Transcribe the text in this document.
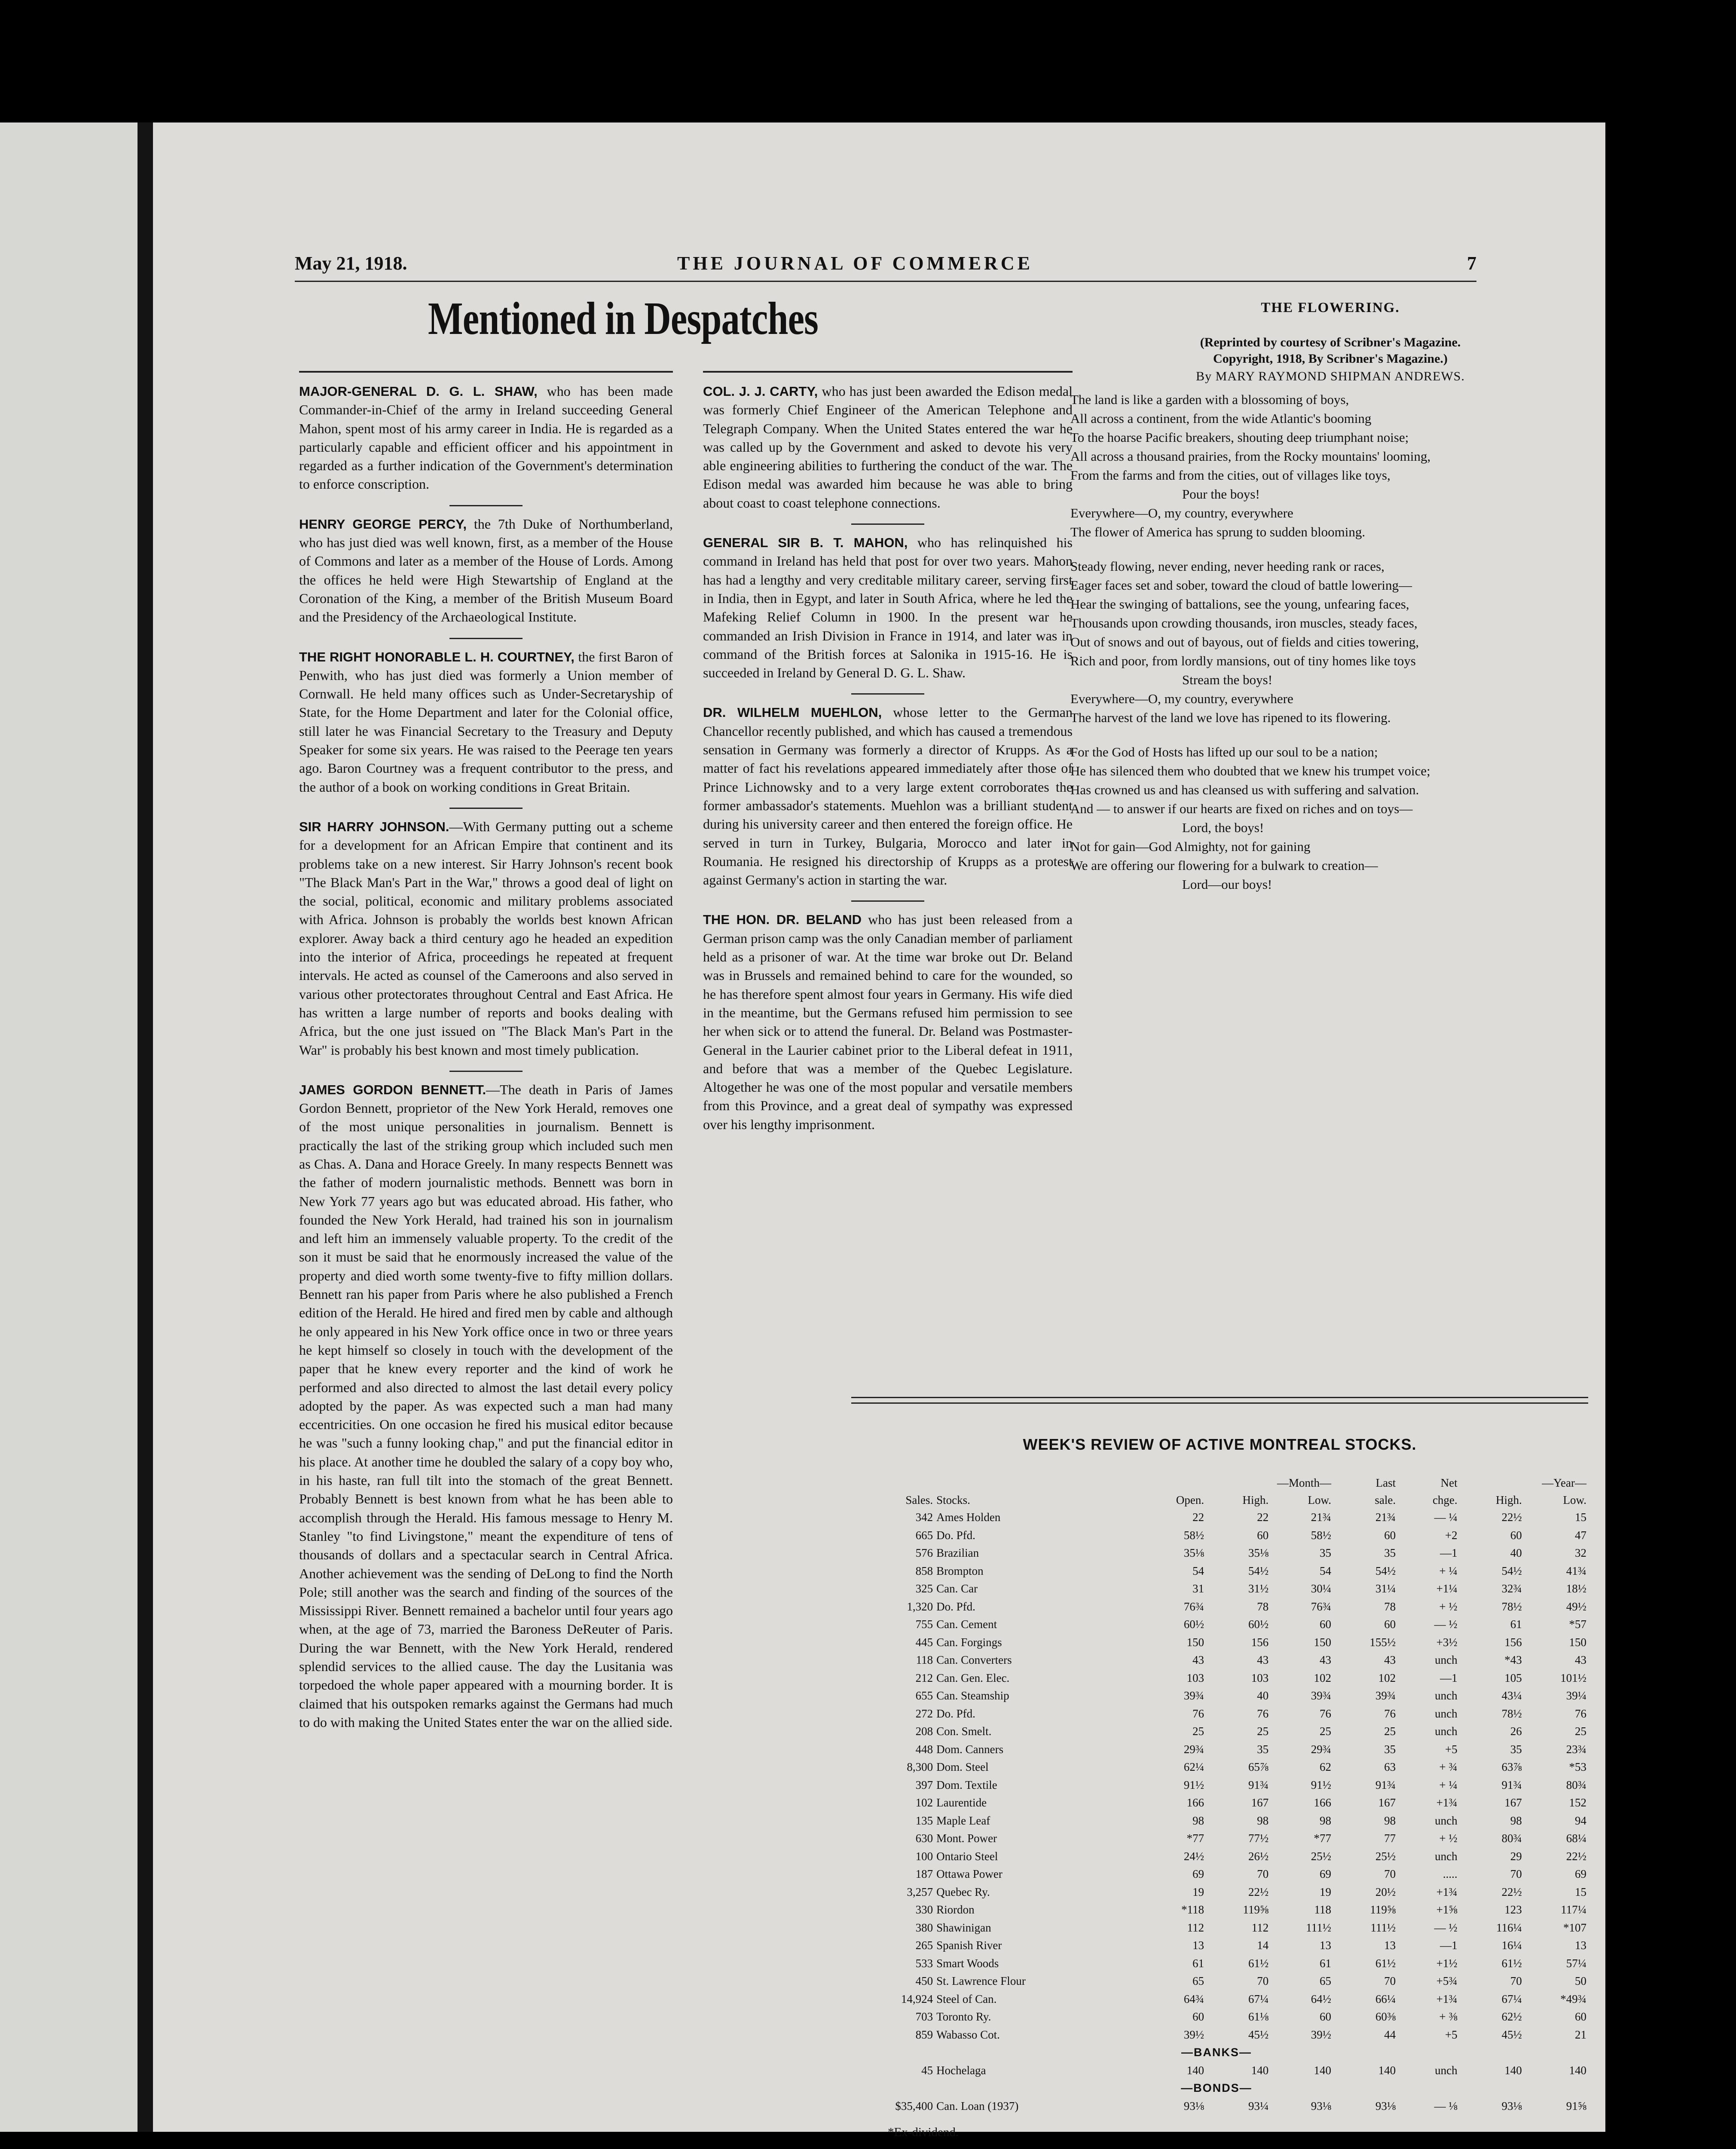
May 21, 1918.	THE JOURNAL OF COMMERCE	7
Mentioned in Despatches

MAJOR-GENERAL D. G. L. SHAW, who has been made Commander-in-Chief of the army in Ireland succeeding General Mahon, spent most of his army career in India. He is regarded as a particularly capable and efficient officer and his appointment in regarded as a further indication of the Government's determination to enforce conscription.

HENRY GEORGE PERCY, the 7th Duke of Northumberland, who has just died was well known, first, as a member of the House of Commons and later as a member of the House of Lords. Among the offices he held were High Stewartship of England at the Coronation of the King, a member of the British Museum Board and the Presidency of the Archaeological Institute.

THE RIGHT HONORABLE L. H. COURTNEY, the first Baron of Penwith, who has just died was formerly a Union member of Cornwall. He held many offices such as Under-Secretaryship of State, for the Home Department and later for the Colonial office, still later he was Financial Secretary to the Treasury and Deputy Speaker for some six years. He was raised to the Peerage ten years ago. Baron Courtney was a frequent contributor to the press, and the author of a book on working conditions in Great Britain.

SIR HARRY JOHNSON.—With Germany putting out a scheme for a development for an African Empire that continent and its problems take on a new interest. Sir Harry Johnson's recent book "The Black Man's Part in the War," throws a good deal of light on the social, political, economic and military problems associated with Africa. Johnson is probably the worlds best known African explorer. Away back a third century ago he headed an expedition into the interior of Africa, proceedings he repeated at frequent intervals. He acted as counsel of the Cameroons and also served in various other protectorates throughout Central and East Africa. He has written a large number of reports and books dealing with Africa, but the one just issued on "The Black Man's Part in the War" is probably his best known and most timely publication.

JAMES GORDON BENNETT.—The death in Paris of James Gordon Bennett, proprietor of the New York Herald, removes one of the most unique personalities in journalism. Bennett is practically the last of the striking group which included such men as Chas. A. Dana and Horace Greely. In many respects Bennett was the father of modern journalistic methods. Bennett was born in New York 77 years ago but was educated abroad. His father, who founded the New York Herald, had trained his son in journalism and left him an immensely valuable property. To the credit of the son it must be said that he enormously increased the value of the property and died worth some twenty-five to fifty million dollars. Bennett ran his paper from Paris where he also published a French edition of the Herald. He hired and fired men by cable and although he only appeared in his New York office once in two or three years he kept himself so closely in touch with the development of the paper that he knew every reporter and the kind of work he performed and also directed to almost the last detail every policy adopted by the paper. As was expected such a man had many eccentricities. On one occasion he fired his musical editor because he was "such a funny looking chap," and put the financial editor in his place. At another time he doubled the salary of a copy boy who, in his haste, ran full tilt into the stomach of the great Bennett. Probably Bennett is best known from what he has been able to accomplish through the Herald. His famous message to Henry M. Stanley "to find Livingstone," meant the expenditure of tens of thousands of dollars and a spectacular search in Central Africa. Another achievement was the sending of DeLong to find the North Pole; still another was the search and finding of the sources of the Mississippi River. Bennett remained a bachelor until four years ago when, at the age of 73, married the Baroness DeReuter of Paris. During the war Bennett, with the New York Herald, rendered splendid services to the allied cause. The day the Lusitania was torpedoed the whole paper appeared with a mourning border. It is claimed that his outspoken remarks against the Germans had much to do with making the United States enter the war on the allied side.

COL. J. J. CARTY, who has just been awarded the Edison medal was formerly Chief Engineer of the American Telephone and Telegraph Company. When the United States entered the war he was called up by the Government and asked to devote his very able engineering abilities to furthering the conduct of the war. The Edison medal was awarded him because he was able to bring about coast to coast telephone connections.

GENERAL SIR B. T. MAHON, who has relinquished his command in Ireland has held that post for over two years. Mahon has had a lengthy and very creditable military career, serving first in India, then in Egypt, and later in South Africa, where he led the Mafeking Relief Column in 1900. In the present war he commanded an Irish Division in France in 1914, and later was in command of the British forces at Salonika in 1915-16. He is succeeded in Ireland by General D. G. L. Shaw.

DR. WILHELM MUEHLON, whose letter to the German Chancellor recently published, and which has caused a tremendous sensation in Germany was formerly a director of Krupps. As a matter of fact his revelations appeared immediately after those of Prince Lichnowsky and to a very large extent corroborates the former ambassador's statements. Muehlon was a brilliant student during his university career and then entered the foreign office. He served in turn in Turkey, Bulgaria, Morocco and later in Roumania. He resigned his directorship of Krupps as a protest against Germany's action in starting the war.

THE HON. DR. BELAND who has just been released from a German prison camp was the only Canadian member of parliament held as a prisoner of war. At the time war broke out Dr. Beland was in Brussels and remained behind to care for the wounded, so he has therefore spent almost four years in Germany. His wife died in the meantime, but the Germans refused him permission to see her when sick or to attend the funeral. Dr. Beland was Postmaster-General in the Laurier cabinet prior to the Liberal defeat in 1911, and before that was a member of the Quebec Legislature. Altogether he was one of the most popular and versatile members from this Province, and a great deal of sympathy was expressed over his lengthy imprisonment.

THE FLOWERING.
(Reprinted by courtesy of Scribner's Magazine.
Copyright, 1918, By Scribner's Magazine.)
By MARY RAYMOND SHIPMAN ANDREWS.

The land is like a garden with a blossoming of boys,

All across a continent, from the wide Atlantic's booming

To the hoarse Pacific breakers, shouting deep triumphant noise;

All across a thousand prairies, from the Rocky mountains' looming,

From the farms and from the cities, out of villages like toys,

Pour the boys!

Everywhere—O, my country, everywhere

The flower of America has sprung to sudden blooming.

Steady flowing, never ending, never heeding rank or races,

Eager faces set and sober, toward the cloud of battle lowering—

Hear the swinging of battalions, see the young, unfearing faces,

Thousands upon crowding thousands, iron muscles, steady faces,

Out of snows and out of bayous, out of fields and cities towering,

Rich and poor, from lordly mansions, out of tiny homes like toys

Stream the boys!

Everywhere—O, my country, everywhere

The harvest of the land we love has ripened to its flowering.

For the God of Hosts has lifted up our soul to be a nation;

He has silenced them who doubted that we knew his trumpet voice;

Has crowned us and has cleansed us with suffering and salvation.

And — to answer if our hearts are fixed on riches and on toys—

Lord, the boys!

Not for gain—God Almighty, not for gaining

We are offering our flowering for a bulwark to creation—

Lord—our boys!

WEEK'S REVIEW OF ACTIVE MONTREAL STOCKS.
			—Month—		Last	Net	—Year—	
Sales.	Stocks.	Open.	High.	Low.	sale.	chge.	High.	Low.
342	Ames Holden	22	22	21¾	21¾	— ¼	22½	15
665	Do. Pfd.	58½	60	58½	60	+2	60	47
576	Brazilian	35⅛	35⅛	35	35	—1	40	32
858	Brompton	54	54½	54	54½	+ ¼	54½	41¾
325	Can. Car	31	31½	30¼	31¼	+1¼	32¾	18½
1,320	Do. Pfd.	76¾	78	76¾	78	+ ½	78½	49½
755	Can. Cement	60½	60½	60	60	— ½	61	*57
445	Can. Forgings	150	156	150	155½	+3½	156	150
118	Can. Converters	43	43	43	43	unch	*43	43
212	Can. Gen. Elec.	103	103	102	102	—1	105	101½
655	Can. Steamship	39¾	40	39¾	39¾	unch	43¼	39¼
272	Do. Pfd.	76	76	76	76	unch	78½	76
208	Con. Smelt.	25	25	25	25	unch	26	25
448	Dom. Canners	29¾	35	29¾	35	+5	35	23¾
8,300	Dom. Steel	62¼	65⅞	62	63	+ ¾	63⅞	*53
397	Dom. Textile	91½	91¾	91½	91¾	+ ¼	91¾	80¾
102	Laurentide	166	167	166	167	+1¾	167	152
135	Maple Leaf	98	98	98	98	unch	98	94
630	Mont. Power	*77	77½	*77	77	+ ½	80¾	68¼
100	Ontario Steel	24½	26½	25½	25½	unch	29	22½
187	Ottawa Power	69	70	69	70	.....	70	69
3,257	Quebec Ry.	19	22½	19	20½	+1¾	22½	15
330	Riordon	*118	119⅝	118	119⅝	+1⅝	123	117¼
380	Shawinigan	112	112	111½	111½	— ½	116¼	*107
265	Spanish River	13	14	13	13	—1	16¼	13
533	Smart Woods	61	61½	61	61½	+1½	61½	57¼
450	St. Lawrence Flour	65	70	65	70	+5¾	70	50
14,924	Steel of Can.	64¾	67¼	64½	66¼	+1¾	67¼	*49¾
703	Toronto Ry.	60	61⅛	60	60⅜	+ ⅜	62½	60
859	Wabasso Cot.	39½	45½	39½	44	+5	45½	21
—BANKS—								
45	Hochelaga	140	140	140	140	unch	140	140
—BONDS—								
$35,400	Can. Loan (1937)	93⅛	93¼	93⅛	93⅛	— ⅛	93⅛	91⅝
*Ex-dividend.
